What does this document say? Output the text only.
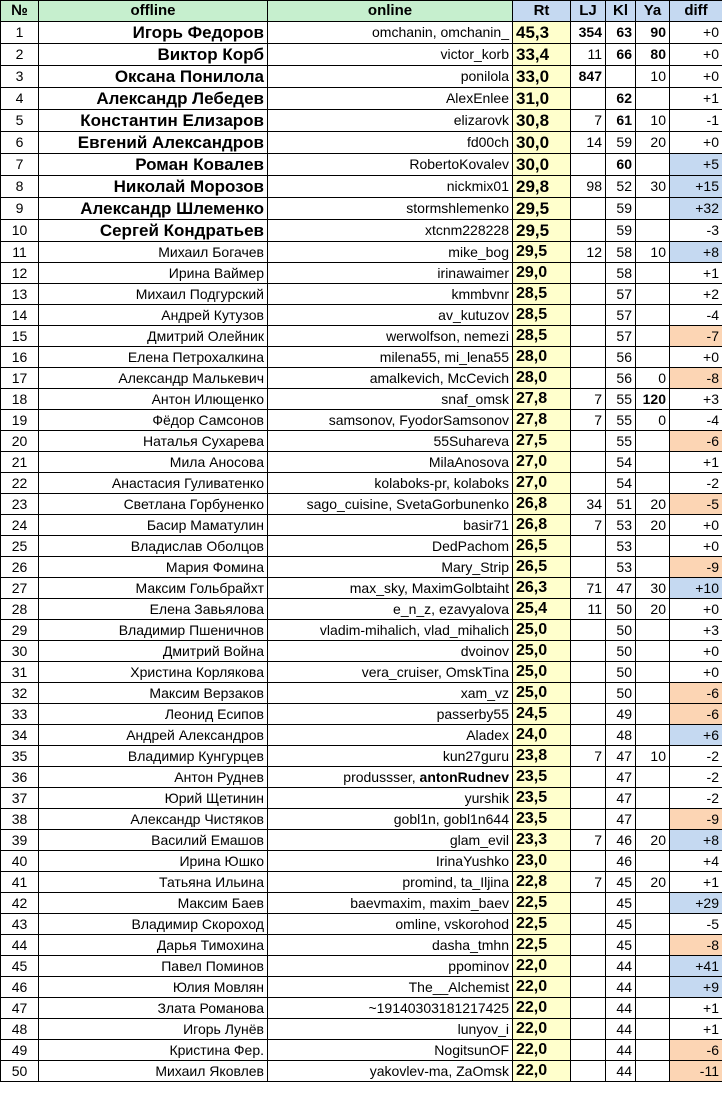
№	offline	online	Rt	LJ	Kl	Ya	diff
1	Игорь Федоров	omchanin, omchanin_	45,3	354	63	90	+0
2	Виктор Корб	victor_korb	33,4	11	66	80	+0
3	Оксана Понилола	ponilola	33,0	847		10	+0
4	Александр Лебедев	AlexEnlee	31,0		62		+1
5	Константин Елизаров	elizarovk	30,8	7	61	10	-1
6	Евгений Александров	fd00ch	30,0	14	59	20	+0
7	Роман Ковалев	RobertoKovalev	30,0		60		+5
8	Николай Морозов	nickmix01	29,8	98	52	30	+15
9	Александр Шлеменко	stormshlemenko	29,5		59		+32
10	Сергей Кондратьев	xtcnm228228	29,5		59		-3
11	Михаил Богачев	mike_bog	29,5	12	58	10	+8
12	Ирина Ваймер	irinawaimer	29,0		58		+1
13	Михаил Подгурский	kmmbvnr	28,5		57		+2
14	Андрей Кутузов	av_kutuzov	28,5		57		-4
15	Дмитрий Олейник	werwolfson, nemezi	28,5		57		-7
16	Елена Петрохалкина	milena55, mi_lena55	28,0		56		+0
17	Александр Малькевич	amalkevich, McCevich	28,0		56	0	-8
18	Антон Илющенко	snaf_omsk	27,8	7	55	120	+3
19	Фёдор Самсонов	samsonov, FyodorSamsonov	27,8	7	55	0	-4
20	Наталья Сухарева	55Suhareva	27,5		55		-6
21	Мила Аносова	MilaAnosova	27,0		54		+1
22	Анастасия Гуливатенко	kolaboks-pr, kolaboks	27,0		54		-2
23	Светлана Горбуненко	sago_cuisine, SvetaGorbunenko	26,8	34	51	20	-5
24	Басир Маматулин	basir71	26,8	7	53	20	+0
25	Владислав Оболцов	DedPachom	26,5		53		+0
26	Мария Фомина	Mary_Strip	26,5		53		-9
27	Максим Гольбрайхт	max_sky, MaximGolbtaiht	26,3	71	47	30	+10
28	Елена Завьялова	e_n_z, ezavyalova	25,4	11	50	20	+0
29	Владимир Пшеничнов	vladim-mihalich, vlad_mihalich	25,0		50		+3
30	Дмитрий Война	dvoinov	25,0		50		+0
31	Христина Корлякова	vera_cruiser, OmskTina	25,0		50		+0
32	Максим Верзаков	xam_vz	25,0		50		-6
33	Леонид Есипов	passerby55	24,5		49		-6
34	Андрей Александров	Aladex	24,0		48		+6
35	Владимир Кунгурцев	kun27guru	23,8	7	47	10	-2
36	Антон Руднев	produssser, antonRudnev	23,5		47		-2
37	Юрий Щетинин	yurshik	23,5		47		-2
38	Александр Чистяков	gobl1n, gobl1n644	23,5		47		-9
39	Василий Емашов	glam_evil	23,3	7	46	20	+8
40	Ирина Юшко	IrinaYushko	23,0		46		+4
41	Татьяна Ильина	promind, ta_Iljina	22,8	7	45	20	+1
42	Максим Баев	baevmaxim, maxim_baev	22,5		45		+29
43	Владимир Скороход	omline, vskorohod	22,5		45		-5
44	Дарья Тимохина	dasha_tmhn	22,5		45		-8
45	Павел Поминов	ppominov	22,0		44		+41
46	Юлия Мовлян	The__Alchemist	22,0		44		+9
47	Злата Романова	~19140303181217425	22,0		44		+1
48	Игорь Лунёв	lunyov_i	22,0		44		+1
49	Кристина Фер.	NogitsunOF	22,0		44		-6
50	Михаил Яковлев	yakovlev-ma, ZaOmsk	22,0		44		-11
